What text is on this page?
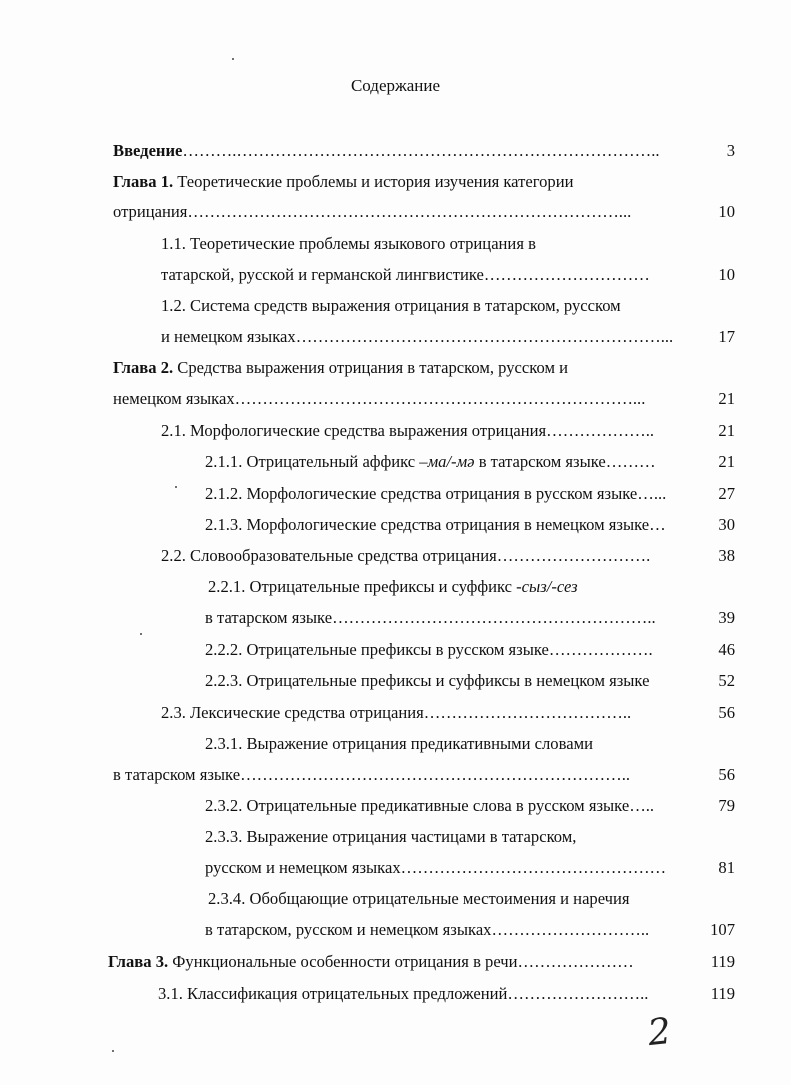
Содержание
Введение ……….…………………………………………………………………..	3
Глава 1. Теоретические проблемы и история изучения категории
отрицания ……………………………………………………………………...	10
1.1. Теоретические проблемы языкового отрицания в
татарской, русской и германской лингвистике …………………………	10
1.2. Система средств выражения отрицания в татарском, русском
и немецком языках …………………………………………………………...	17
Глава 2. Средства выражения отрицания в татарском, русском и
немецком языках ………………………………………………………………...	21
2.1. Морфологические средства выражения отрицания ………………..	21
2.1.1. Отрицательный аффикс –ма/-мә в татарском языке ………	21
2.1.2. Морфологические средства отрицания в русском языке …...	27
2.1.3. Морфологические средства отрицания в немецком языке …	30
2.2. Словообразовательные средства отрицания ……………………….	38
2.2.1. Отрицательные префиксы и суффикс -сыз/-сез
в татарском языке …………………………………………………..	39
2.2.2. Отрицательные префиксы в русском языке ……………….	46
2.2.3. Отрицательные префиксы и суффиксы в немецком языке	52
2.3. Лексические средства отрицания ………………………………..	56
2.3.1. Выражение отрицания предикативными словами
в татарском языке ……………………………………………………………..	56
2.3.2. Отрицательные предикативные слова в русском языке …..	79
2.3.3. Выражение отрицания частицами в татарском,
русском и немецком языках …………………………………………	81
2.3.4. Обобщающие отрицательные местоимения и наречия
в татарском, русском и немецком языках ………………………..	107
Глава 3. Функциональные особенности отрицания в речи …………………	119
3.1. Классификация отрицательных предложений ……………………..	119
2
